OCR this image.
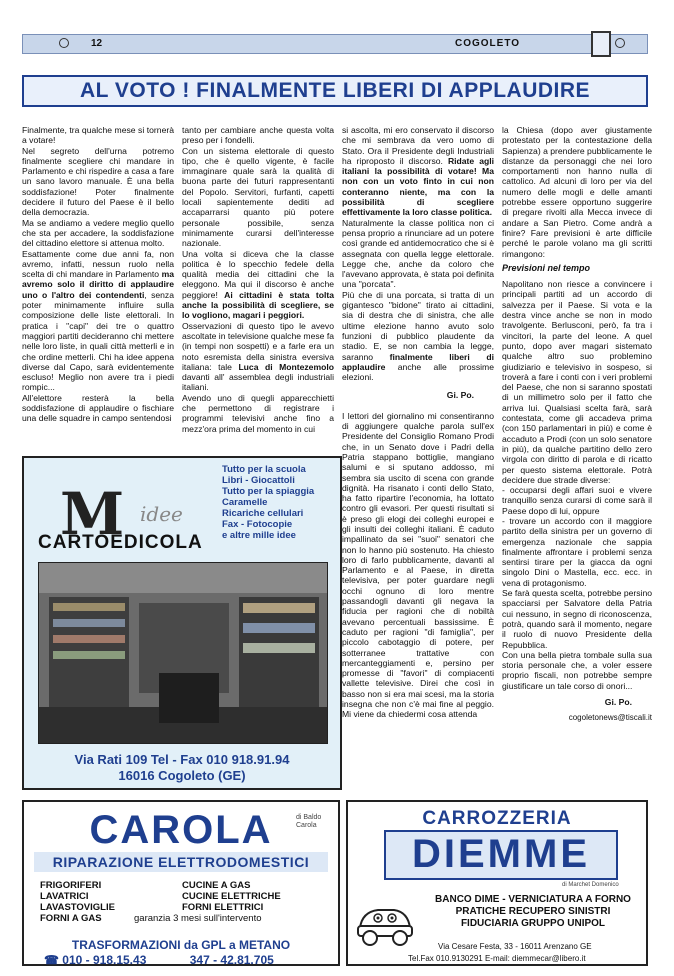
12	COGOLETO
AL VOTO ! FINALMENTE LIBERI DI APPLAUDIRE

Finalmente, tra qualche mese si tornerà a votare!

Nel segreto dell'urna potremo finalmente scegliere chi mandare in Parlamento e chi rispedire a casa a fare un sano lavoro manuale. È una bella soddisfazione! Poter finalmente decidere il futuro del Paese è il bello della democrazia.

Ma se andiamo a vedere meglio quello che sta per accadere, la soddisfazione del cittadino elettore si attenua molto.

Esattamente come due anni fa, non avremo, infatti, nessun ruolo nella scelta di chi mandare in Parlamento ma avremo solo il diritto di applaudire uno o l'altro dei contendenti, senza poter minimamente influire sulla composizione delle liste elettorali. In pratica i "capi" dei tre o quattro maggiori partiti decideranno chi mettere nelle loro liste, in quali città metterli e in che ordine metterli. Chi ha idee appena diverse dal Capo, sarà evidentemente escluso! Meglio non avere tra i piedi rompic...

All'elettore resterà la bella soddisfazione di applaudire o fischiare una delle squadre in campo sentendosi

tanto per cambiare anche questa volta preso per i fondelli.

Con un sistema elettorale di questo tipo, che è quello vigente, è facile immaginare quale sarà la qualità di buona parte dei futuri rappresentanti del Popolo. Servitori, furfanti, capetti locali sapientemente dediti ad accaparrarsi quanto più potere personale possibile, senza minimamente curarsi dell'interesse nazionale.

Una volta si diceva che la classe politica è lo specchio fedele della qualità media dei cittadini che la eleggono. Ma qui il discorso è anche peggiore! Ai cittadini è stata tolta anche la possibilità di scegliere, se lo vogliono, magari i peggiori.

Osservazioni di questo tipo le avevo ascoltate in televisione qualche mese fa (in tempi non sospetti) e a farle era un noto esremista della sinistra eversiva italiana: tale Luca di Montezemolo davanti all' assemblea degli industriali italiani.

Avendo uno di quegli apparecchietti che permettono di registrare i programmi televisivi anche fino a mezz'ora prima del momento in cui

si ascolta, mi ero conservato il discorso che mi sembrava da vero uomo di Stato. Ora il Presidente degli Industriali ha riproposto il discorso. Ridate agli italiani la possibilità di votare! Ma non con un voto finto in cui non conteranno niente, ma con la possibilità di scegliere effettivamente la loro classe politica.

Naturalmente la classe politica non ci pensa proprio a rinunciare ad un potere così grande ed antidemocratico che si è assegnata con quella legge elettorale. Legge che, anche da coloro che l'avevano approvata, è stata poi definita una "porcata".

Più che di una porcata, si tratta di un gigantesco "bidone" tirato ai cittadini, sia di destra che di sinistra, che alle ultime elezione hanno avuto solo funzioni di pubblico plaudente da stadio. E, se non cambia la legge, saranno finalmente liberi di applaudire anche alle prossime elezioni.

Gi. Po.

I lettori del giornalino mi consentiranno di aggiungere qualche parola sull'ex Presidente del Consiglio Romano Prodi che, in un Senato dove i Padri della Patria stappano bottiglie, mangiano salumi e si sputano addosso, mi sembra sia uscito di scena con grande dignità. Ha risanato i conti dello Stato, ha fatto ripartire l'economia, ha lottato contro gli evasori. Per questi risultati si è preso gli elogi dei colleghi europei e gli insulti dei colleghi italiani. È caduto impallinato da sei "suoi" senatori che non lo hanno più sostenuto. Ha chiesto loro di farlo pubblicamente, davanti al Parlamento e al Paese, in diretta televisiva, per poter guardare negli occhi ognuno di loro mentre passandogli davanti gli negava la fiducia per ragioni che di nobiltà avevano percentuali bassissime. È caduto per ragioni "di famiglia", per piccolo cabotaggio di potere, per sotterranee trattative con mercanteggiamenti e, persino per promesse di "favori" di compiacenti vallette televisive. Direi che così in basso non si era mai scesi, ma la storia insegna che non c'è mai fine al peggio. Mi viene da chiedermi cosa attenda

la Chiesa (dopo aver giustamente protestato per la contestazione della Sapienza) a prendere pubblicamente le distanze da personaggi che nei loro comportamenti non hanno nulla di cattolico. Ad alcuni di loro per via del numero delle mogli e delle amanti potrebbe essere opportuno suggerire di pregare rivolti alla Mecca invece di andare a San Pietro. Come andrà a finire? Fare previsioni è arte difficile perché le parole volano ma gli scritti rimangono:

Previsioni nel tempo

Napolitano non riesce a convincere i principali partiti ad un accordo di salvezza per il Paese. Si vota e la destra vince anche se non in modo travolgente. Berlusconi, però, fa tra i vincitori, la parte del leone. A quel punto, dopo aver magari sistemato qualche altro suo problemino giudiziario e televisivo in sospeso, si troverà a fare i conti con i veri problemi del Paese, che non si saranno spostati di un millimetro solo per il fatto che arriva lui. Qualsiasi scelta farà, sarà contestata, come gli accadeva prima (con 150 parlamentari in più) e come è accaduto a Prodi (con un solo senatore in più), da qualche partitino dello zero virgola con diritto di parola e di ricatto per questo sistema elettorale. Potrà decidere due strade diverse:

- occuparsi degli affari suoi e vivere tranquillo senza curarsi di come sarà il Paese dopo di lui, oppure

- trovare un accordo con il maggiore partito della sinistra per un governo di emergenza nazionale che sappia finalmente affrontare i problemi senza sentirsi tirare per la giacca da ogni singolo Dini o Mastella, ecc. ecc. in vena di protagonismo.

Se farà questa scelta, potrebbe persino spacciarsi per Salvatore della Patria cui nessuno, in segno di riconoscenza, potrà, quando sarà il momento, negare il ruolo di nuovo Presidente della Repubblica.

Con una bella pietra tombale sulla sua storia personale che, a voler essere proprio fiscali, non potrebbe sempre giustificare un tale corso di onori...

Gi. Po.

cogoletonews@tiscali.it

M idee
CARTOEDICOLA
Tutto per la scuola
Libri - Giocattoli
Tutto per la spiaggia
Caramelle
Ricariche cellulari
Fax - Fotocopie
e altre mille idee
Via Rati 109 Tel - Fax 010 918.91.94
16016 Cogoleto (GE)
CAROLA	di Baldo Carola
RIPARAZIONE ELETTRODOMESTICI
FRIGORIFERI
LAVATRICI
LAVASTOVIGLIE
FORNI A GAS
CUCINE A GAS
CUCINE ELETTRICHE
FORNI ELETTRICI
garanzia 3 mesi sull'intervento
TRASFORMAZIONI da GPL a METANO
☎ 010 - 918.15.43	347 - 42.81.705
CARROZZERIA
DIEMME
di Marchet Domenico
BANCO DIME - VERNICIATURA A FORNO
PRATICHE RECUPERO SINISTRI
FIDUCIARIA GRUPPO UNIPOL
Via Cesare Festa, 33 - 16011 Arenzano GE
Tel.Fax 010.9130291 E-mail: diemmecar@libero.it
